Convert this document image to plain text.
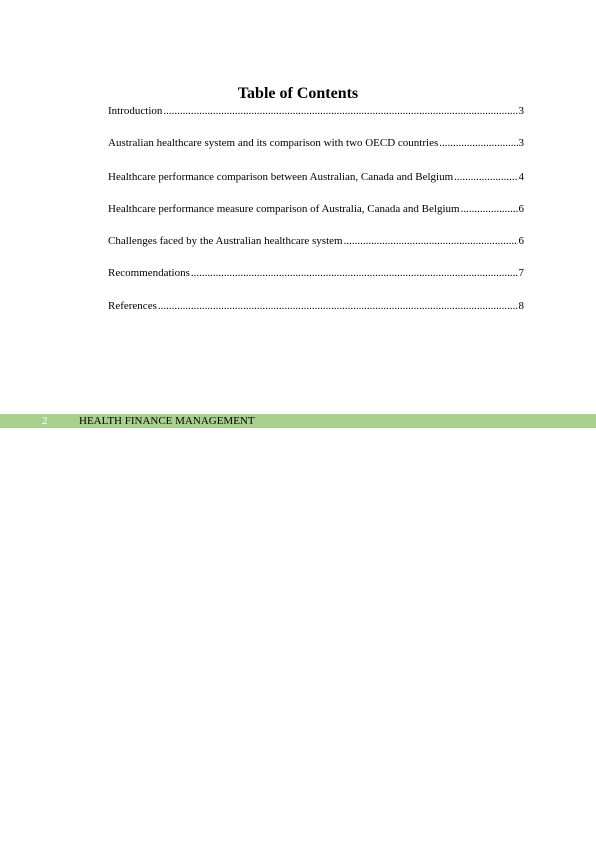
Table of Contents
Introduction .....	3
Australian healthcare system and its comparison with two OECD countries .....	3
Healthcare performance comparison between Australian, Canada and Belgium .....	4
Healthcare performance measure comparison of Australia, Canada and Belgium .....	6
Challenges faced by the Australian healthcare system .....	6
Recommendations .....	7
References .....	8
2	HEALTH FINANCE MANAGEMENT
